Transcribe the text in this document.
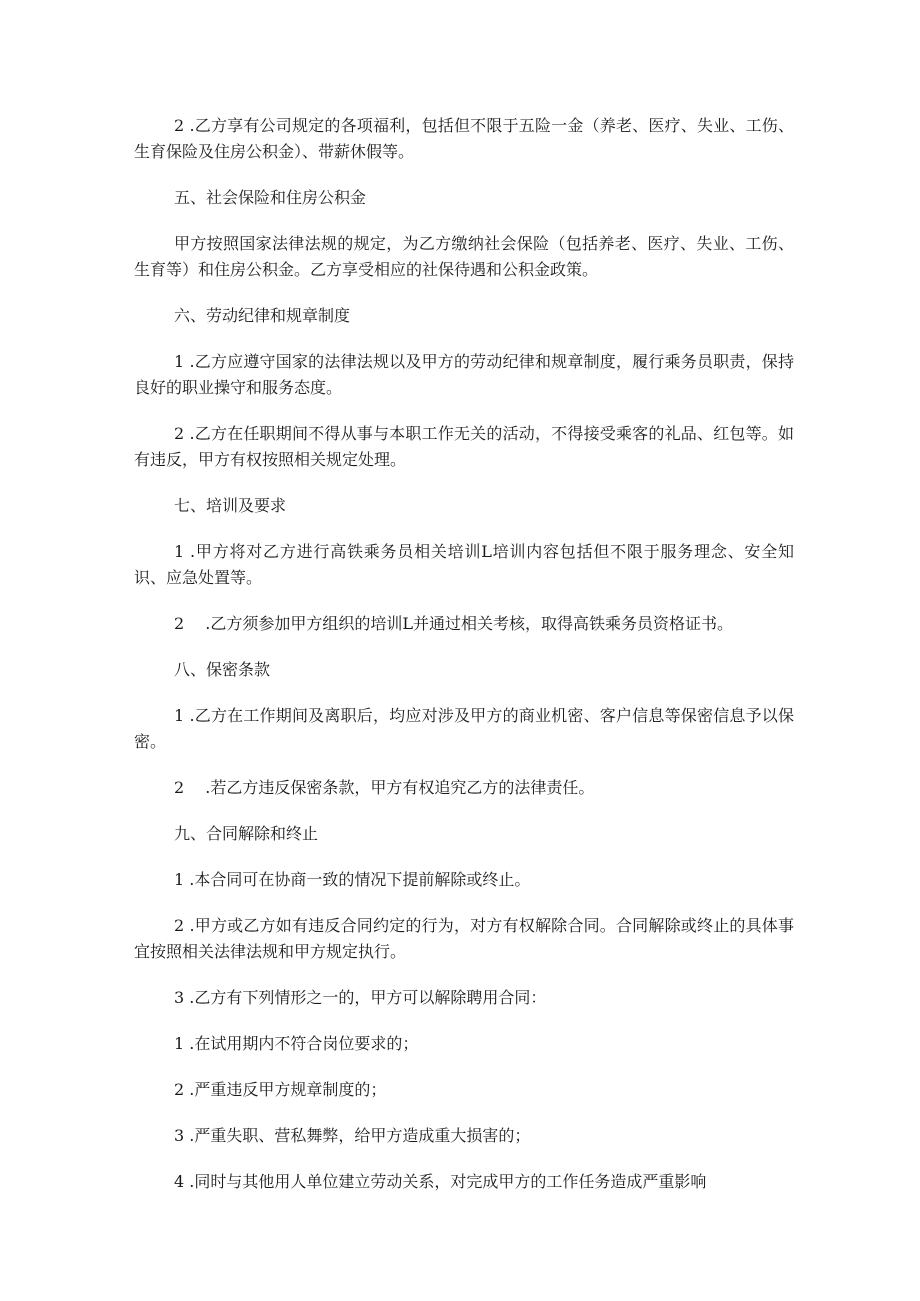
2 .乙方享有公司规定的各项福利，包括但不限于五险一金（养老、医疗、失业、工伤、生育保险及住房公积金）、带薪休假等。

五、社会保险和住房公积金

甲方按照国家法律法规的规定，为乙方缴纳社会保险（包括养老、医疗、失业、工伤、生育等）和住房公积金。乙方享受相应的社保待遇和公积金政策。

六、劳动纪律和规章制度

1 .乙方应遵守国家的法律法规以及甲方的劳动纪律和规章制度，履行乘务员职责，保持良好的职业操守和服务态度。

2 .乙方在任职期间不得从事与本职工作无关的活动，不得接受乘客的礼品、红包等。如有违反，甲方有权按照相关规定处理。

七、培训及要求

1 .甲方将对乙方进行高铁乘务员相关培训L培训内容包括但不限于服务理念、安全知识、应急处置等。

2　 .乙方须参加甲方组织的培训L并通过相关考核，取得高铁乘务员资格证书。

八、保密条款

1 .乙方在工作期间及离职后，均应对涉及甲方的商业机密、客户信息等保密信息予以保密。

2　 .若乙方违反保密条款，甲方有权追究乙方的法律责任。

九、合同解除和终止

1 .本合同可在协商一致的情况下提前解除或终止。

2 .甲方或乙方如有违反合同约定的行为，对方有权解除合同。合同解除或终止的具体事宜按照相关法律法规和甲方规定执行。

3 .乙方有下列情形之一的，甲方可以解除聘用合同：

1 .在试用期内不符合岗位要求的；

2 .严重违反甲方规章制度的；

3 .严重失职、营私舞弊，给甲方造成重大损害的；

4 .同时与其他用人单位建立劳动关系，对完成甲方的工作任务造成严重影响
